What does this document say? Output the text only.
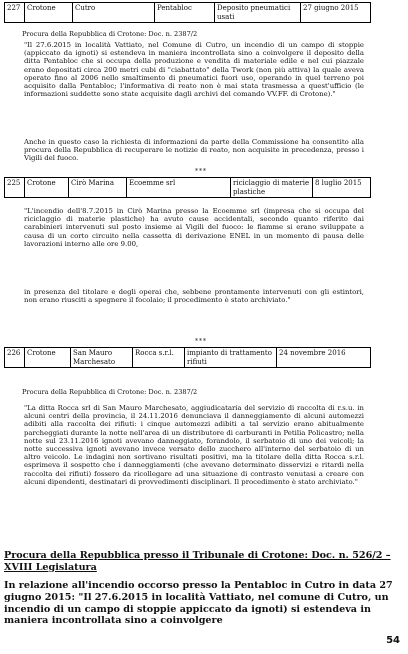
227	Crotone	Cutro	Pentabloc	Deposito pneumatici usati	27 giugno 2015
Procura della Repubblica di Crotone: Doc. n. 2387/2

"Il 27.6.2015 in località Vattiato, nel Comune di Cutro, un incendio di un campo di stoppie (appiccato da ignoti) si estendeva in maniera incontrollata sino a coinvolgere il deposito della ditta Pentabloc che si occupa della produzione e vendita di materiale edile e nel cui piazzale erano depositati circa 200 metri cubi di "ciabattato" della Twork (non più attiva) la quale aveva operato fino al 2006 nello smaltimento di pneumatici fuori uso, operando in quel terreno poi acquisito dalla Pentabloc; l'informativa di reato non è mai stata trasmessa a quest'ufficio (le informazioni suddette sono state acquisite dagli archivi del comando VV.FF. di Crotone)."

Anche in questo caso la richiesta di informazioni da parte della Commissione ha consentito alla procura della Repubblica di recuperare le notizie di reato, non acquisite in precedenza, presso i Vigili del fuoco.

***
225	Crotone	Cirò Marina	Ecoemme srl	riciclaggio di materie plastiche	8 luglio 2015

"L'incendio dell'8.7.2015 in Cirò Marina presso la Ecoemme srl (impresa che si occupa del riciclaggio di materie plastiche) ha avuto cause accidentali, secondo quanto riferito dai carabinieri intervenuti sul posto insieme ai Vigili del fuoco: le fiamme si erano sviluppate a causa di un corto circuito nella cassetta di derivazione ENEL in un momento di pausa delle lavorazioni interno alle ore 9.00,

in presenza del titolare e degli operai che, sebbene prontamente intervenuti con gli estintori, non erano riusciti a spegnere il focolaio; il procedimento è stato archiviato."

***
226	Crotone	San Mauro Marchesato	Rocca s.r.l.	impianto di trattamento rifiuti	24 novembre 2016
Procura della Repubblica di Crotone: Doc. n. 2387/2

"La ditta Rocca srl di San Mauro Marchesato, aggiudicataria del servizio di raccolta di r.s.u. in alcuni centri della provincia, il 24.11.2016 denunciava il danneggiamento di alcuni automezzi adibiti alla raccolta dei rifiuti: i cinque automezzi adibiti a tal servizio erano abitualmente parcheggiati durante la notte nell'area di un distributore di carburanti in Petilia Policastro; nella notte sul 23.11.2016 ignoti avevano danneggiato, forandolo, il serbatoio di uno dei veicoli; la notte successiva ignoti avevano invece versato dello zucchero all'interno del serbatoio di un altro veicolo. Le indagini non sortivano risultati positivi, ma la titolare della ditta Rocca s.r.l. esprimeva il sospetto che i danneggiamenti (che avevano determinato disservizi e ritardi nella raccolta dei rifiuti) fossero da ricollegare ad una situazione di contrasto venutasi a creare con alcuni dipendenti, destinatari di provvedimenti disciplinari. Il procedimento è stato archiviato."

Procura della Repubblica presso il Tribunale di Crotone: Doc. n. 526/2 – XVIII Legislatura
In relazione all'incendio occorso presso la Pentabloc in Cutro in data 27 giugno 2015: "Il 27.6.2015 in località Vattiato, nel comune di Cutro, un incendio di un campo di stoppie appiccato da ignoti) si estendeva in maniera incontrollata sino a coinvolgere
54
